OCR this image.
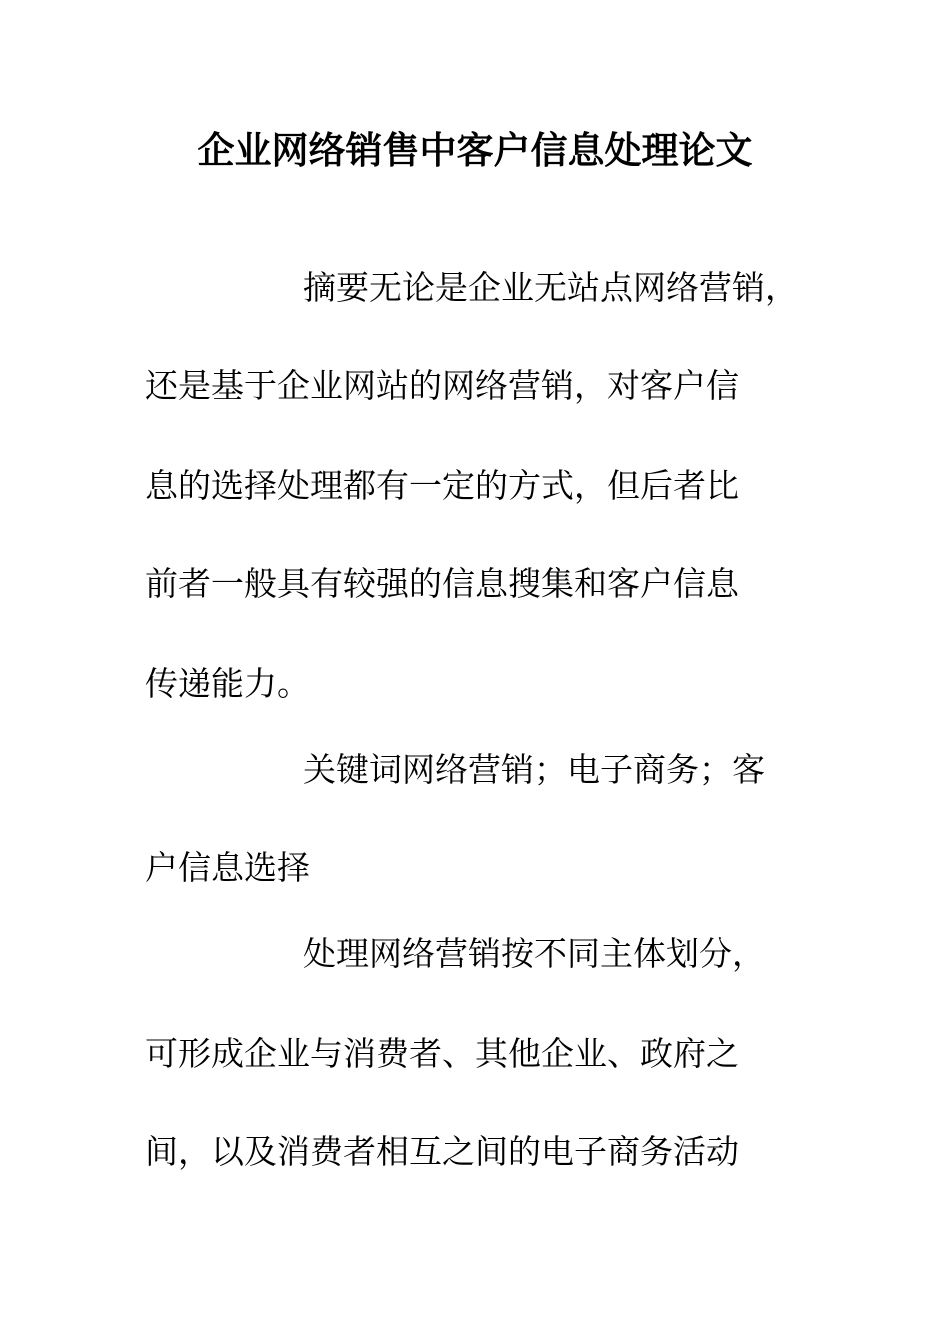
企业网络销售中客户信息处理论文
摘要无论是企业无站点网络营销，
还是基于企业网站的网络营销，对客户信
息的选择处理都有一定的方式，但后者比
前者一般具有较强的信息搜集和客户信息
传递能力。
关键词网络营销；电子商务；客
户信息选择
处理网络营销按不同主体划分，
可形成企业与消费者、其他企业、政府之
间，以及消费者相互之间的电子商务活动
